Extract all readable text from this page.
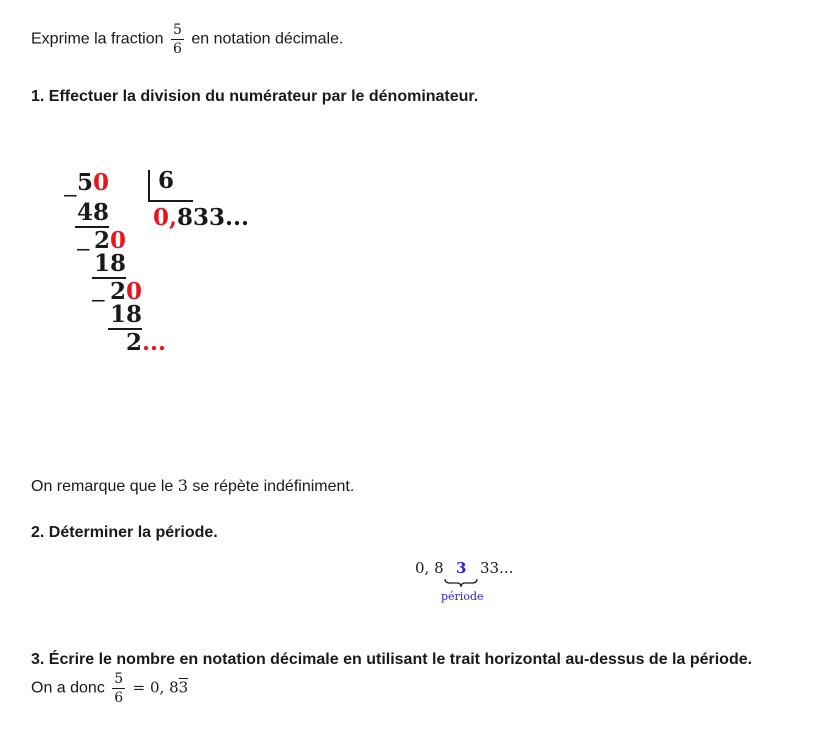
Exprime la fraction $\frac{5}{6}$ en notation décimale.
1. Effectuer la division du numérateur par le dénominateur.
50 6
0,833...
−
48
20
−
18
20
−
18
2...
On remarque que le 3 se répète indéfiniment.
2. Déterminer la période.
0, 8 3 33...
période
3. Écrire le nombre en notation décimale en utilisant le trait horizontal au-dessus de la période.
On a donc $\frac{5}{6} = 0$, 83
